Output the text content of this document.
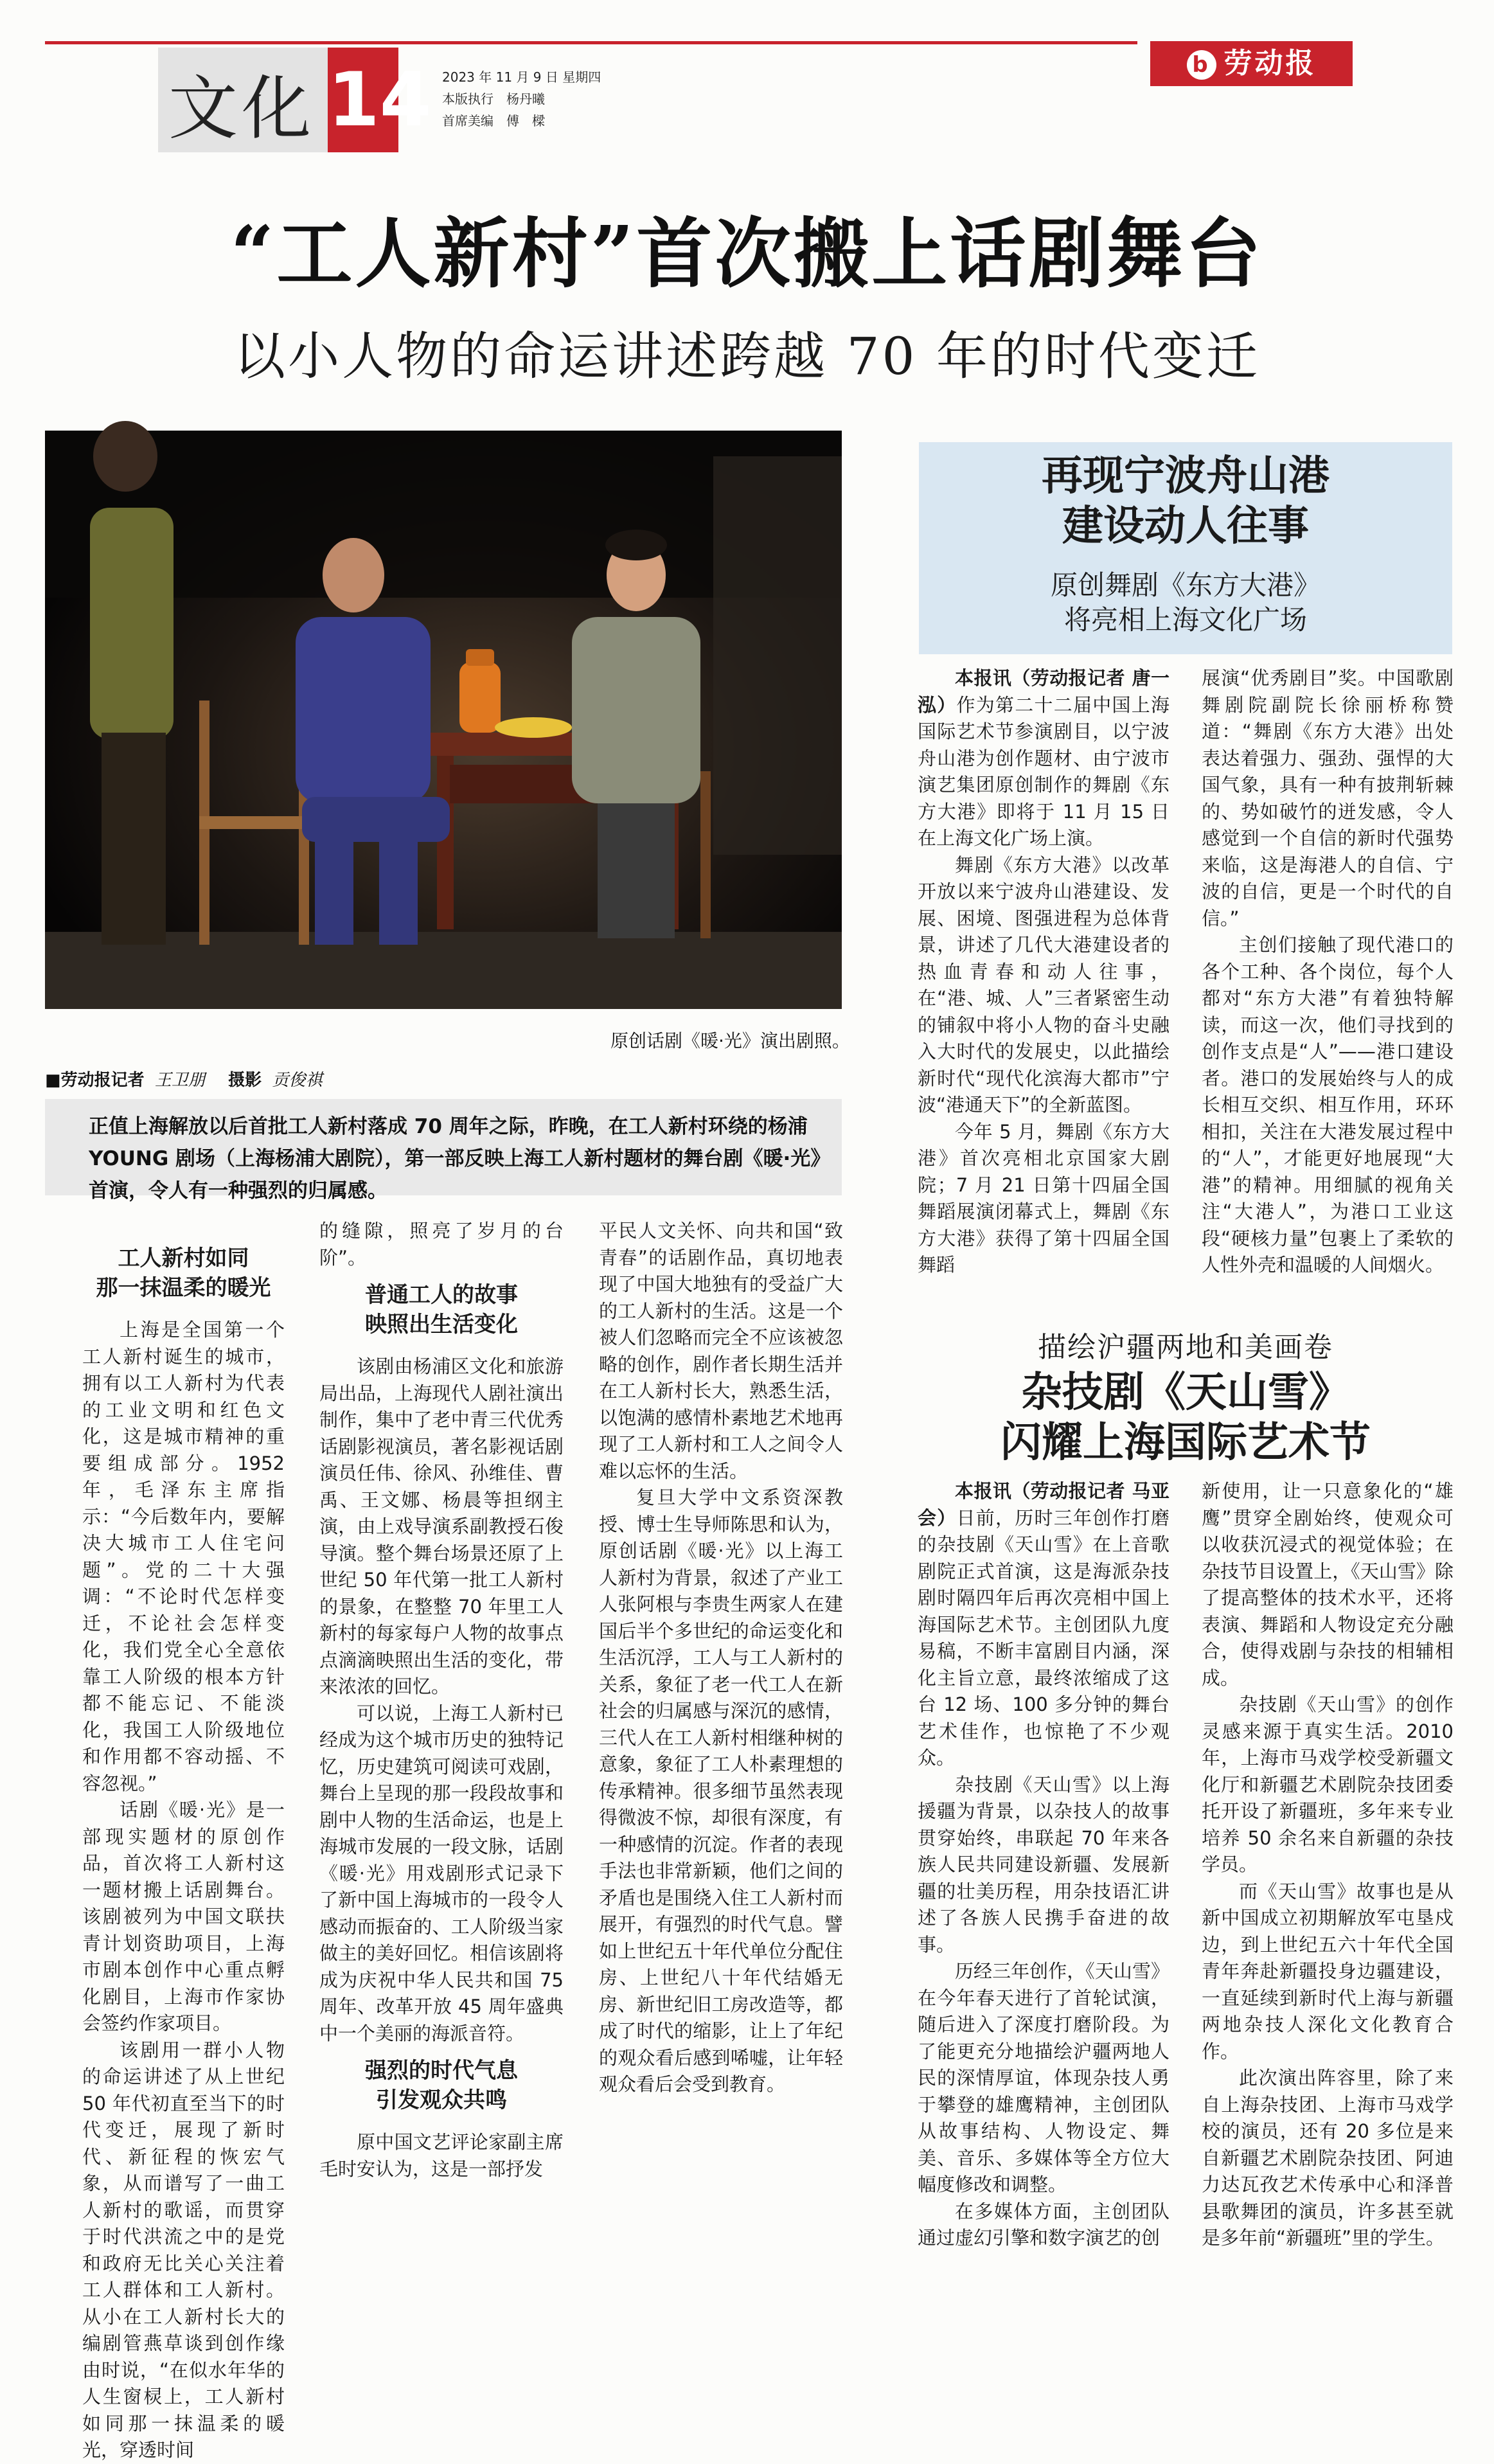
文化 14 2023 年 11 月 9 日 星期四
本版执行　杨丹曦
首席美编　傅　樑
b 劳动报
“工人新村”首次搬上话剧舞台
以小人物的命运讲述跨越 70 年的时代变迁
原创话剧《暖·光》演出剧照。
■劳动报记者 王卫朋 摄影 贡俊祺
正值上海解放以后首批工人新村落成 70 周年之际，昨晚，在工人新村环绕的杨浦 YOUNG 剧场（上海杨浦大剧院），第一部反映上海工人新村题材的舞台剧《暖·光》首演，令人有一种强烈的归属感。
工人新村如同
那一抹温柔的暖光

上海是全国第一个工人新村诞生的城市，拥有以工人新村为代表的工业文明和红色文化，这是城市精神的重要组成部分。1952 年，毛泽东主席指示：“今后数年内，要解决大城市工人住宅问题”。党的二十大强调：“不论时代怎样变迁，不论社会怎样变化，我们党全心全意依靠工人阶级的根本方针都不能忘记、不能淡化，我国工人阶级地位和作用都不容动摇、不容忽视。”

话剧《暖·光》是一部现实题材的原创作品，首次将工人新村这一题材搬上话剧舞台。该剧被列为中国文联扶青计划资助项目，上海市剧本创作中心重点孵化剧目，上海市作家协会签约作家项目。

该剧用一群小人物的命运讲述了从上世纪 50 年代初直至当下的时代变迁，展现了新时代、新征程的恢宏气象，从而谱写了一曲工人新村的歌谣，而贯穿于时代洪流之中的是党和政府无比关心关注着工人群体和工人新村。从小在工人新村长大的编剧管燕草谈到创作缘由时说，“在似水年华的人生窗棂上，工人新村如同那一抹温柔的暖光，穿透时间

的缝隙，照亮了岁月的台阶”。

普通工人的故事
映照出生活变化

该剧由杨浦区文化和旅游局出品，上海现代人剧社演出制作，集中了老中青三代优秀话剧影视演员，著名影视话剧演员任伟、徐风、孙维佳、曹禹、王文娜、杨晨等担纲主演，由上戏导演系副教授石俊导演。整个舞台场景还原了上世纪 50 年代第一批工人新村的景象，在整整 70 年里工人新村的每家每户人物的故事点点滴滴映照出生活的变化，带来浓浓的回忆。

可以说，上海工人新村已经成为这个城市历史的独特记忆，历史建筑可阅读可戏剧，舞台上呈现的那一段段故事和剧中人物的生活命运，也是上海城市发展的一段文脉，话剧《暖·光》用戏剧形式记录下了新中国上海城市的一段令人感动而振奋的、工人阶级当家做主的美好回忆。相信该剧将成为庆祝中华人民共和国 75 周年、改革开放 45 周年盛典中一个美丽的海派音符。

强烈的时代气息
引发观众共鸣

原中国文艺评论家副主席毛时安认为，这是一部抒发

平民人文关怀、向共和国“致青春”的话剧作品，真切地表现了中国大地独有的受益广大的工人新村的生活。这是一个被人们忽略而完全不应该被忽略的创作，剧作者长期生活并在工人新村长大，熟悉生活，以饱满的感情朴素地艺术地再现了工人新村和工人之间令人难以忘怀的生活。

复旦大学中文系资深教授、博士生导师陈思和认为，原创话剧《暖·光》以上海工人新村为背景，叙述了产业工人张阿根与李贵生两家人在建国后半个多世纪的命运变化和生活沉浮，工人与工人新村的关系，象征了老一代工人在新社会的归属感与深沉的感情，三代人在工人新村相继种树的意象，象征了工人朴素理想的传承精神。很多细节虽然表现得微波不惊，却很有深度，有一种感情的沉淀。作者的表现手法也非常新颖，他们之间的矛盾也是围绕入住工人新村而展开，有强烈的时代气息。譬如上世纪五十年代单位分配住房、上世纪八十年代结婚无房、新世纪旧工房改造等，都成了时代的缩影，让上了年纪的观众看后感到唏嘘，让年轻观众看后会受到教育。

再现宁波舟山港
建设动人往事
原创舞剧《东方大港》
将亮相上海文化广场

本报讯（劳动报记者 唐一泓）作为第二十二届中国上海国际艺术节参演剧目，以宁波舟山港为创作题材、由宁波市演艺集团原创制作的舞剧《东方大港》即将于 11 月 15 日在上海文化广场上演。

舞剧《东方大港》以改革开放以来宁波舟山港建设、发展、困境、图强进程为总体背景，讲述了几代大港建设者的热血青春和动人往事，在“港、城、人”三者紧密生动的铺叙中将小人物的奋斗史融入大时代的发展史，以此描绘新时代“现代化滨海大都市”宁波“港通天下”的全新蓝图。

今年 5 月，舞剧《东方大港》首次亮相北京国家大剧院；7 月 21 日第十四届全国舞蹈展演闭幕式上，舞剧《东方大港》获得了第十四届全国舞蹈

展演“优秀剧目”奖。中国歌剧舞剧院副院长徐丽桥称赞道：“舞剧《东方大港》出处表达着强力、强劲、强悍的大国气象，具有一种有披荆斩棘的、势如破竹的迸发感，令人感觉到一个自信的新时代强势来临，这是海港人的自信、宁波的自信，更是一个时代的自信。”

主创们接触了现代港口的各个工种、各个岗位，每个人都对“东方大港”有着独特解读，而这一次，他们寻找到的创作支点是“人”——港口建设者。港口的发展始终与人的成长相互交织、相互作用，环环相扣，关注在大港发展过程中的“人”，才能更好地展现“大港”的精神。用细腻的视角关注“大港人”，为港口工业这段“硬核力量”包裹上了柔软的人性外壳和温暖的人间烟火。

描绘沪疆两地和美画卷
杂技剧《天山雪》
闪耀上海国际艺术节

本报讯（劳动报记者 马亚会）日前，历时三年创作打磨的杂技剧《天山雪》在上音歌剧院正式首演，这是海派杂技剧时隔四年后再次亮相中国上海国际艺术节。主创团队九度易稿，不断丰富剧目内涵，深化主旨立意，最终浓缩成了这台 12 场、100 多分钟的舞台艺术佳作，也惊艳了不少观众。

杂技剧《天山雪》以上海援疆为背景，以杂技人的故事贯穿始终，串联起 70 年来各族人民共同建设新疆、发展新疆的壮美历程，用杂技语汇讲述了各族人民携手奋进的故事。

历经三年创作，《天山雪》在今年春天进行了首轮试演，随后进入了深度打磨阶段。为了能更充分地描绘沪疆两地人民的深情厚谊，体现杂技人勇于攀登的雄鹰精神，主创团队从故事结构、人物设定、舞美、音乐、多媒体等全方位大幅度修改和调整。

在多媒体方面，主创团队通过虚幻引擎和数字演艺的创

新使用，让一只意象化的“雄鹰”贯穿全剧始终，使观众可以收获沉浸式的视觉体验；在杂技节目设置上，《天山雪》除了提高整体的技术水平，还将表演、舞蹈和人物设定充分融合，使得戏剧与杂技的相辅相成。

杂技剧《天山雪》的创作灵感来源于真实生活。2010 年，上海市马戏学校受新疆文化厅和新疆艺术剧院杂技团委托开设了新疆班，多年来专业培养 50 余名来自新疆的杂技学员。

而《天山雪》故事也是从新中国成立初期解放军屯垦戍边，到上世纪五六十年代全国青年奔赴新疆投身边疆建设，一直延续到新时代上海与新疆两地杂技人深化文化教育合作。

此次演出阵容里，除了来自上海杂技团、上海市马戏学校的演员，还有 20 多位是来自新疆艺术剧院杂技团、阿迪力达瓦孜艺术传承中心和泽普县歌舞团的演员，许多甚至就是多年前“新疆班”里的学生。
